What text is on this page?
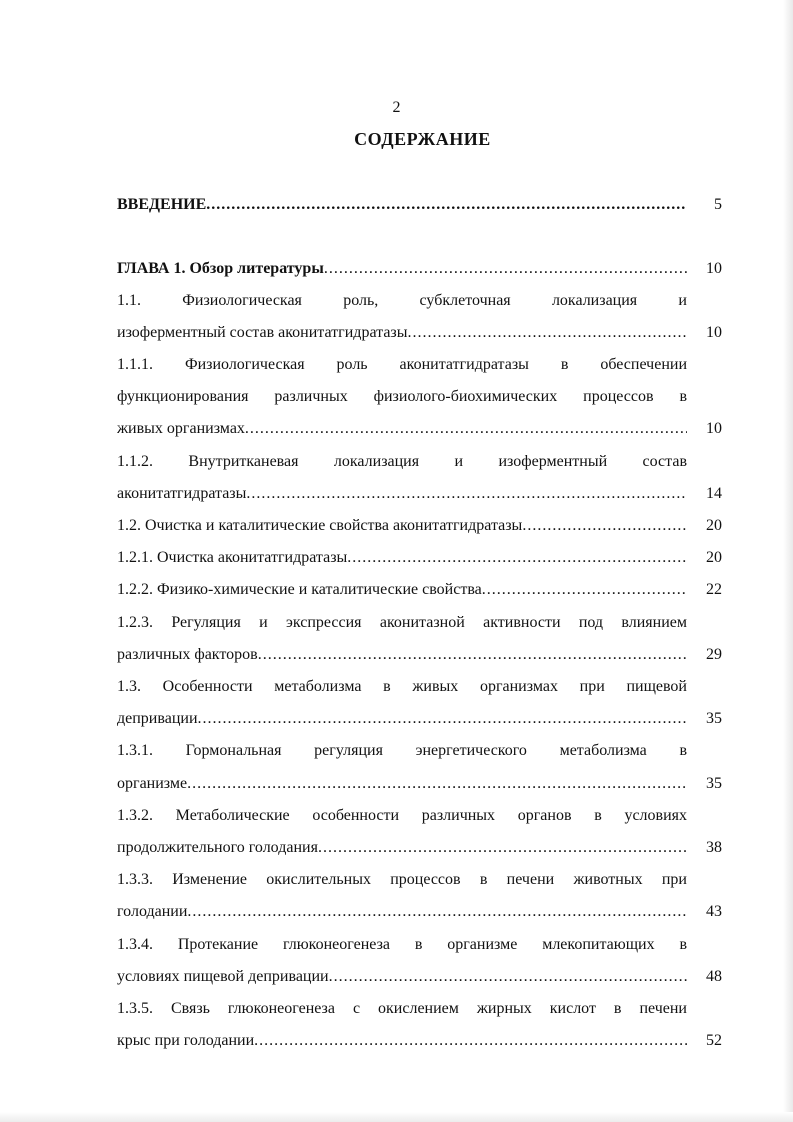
2
СОДЕРЖАНИЕ
ВВЕДЕНИЕ .....	5
ГЛАВА 1. Обзор литературы .....	10
1.1. Физиологическая роль, субклеточная локализация и
изоферментный состав аконитатгидратазы .....	10
1.1.1. Физиологическая роль аконитатгидратазы в обеспечении
функционирования различных физиолого-биохимических процессов в
живых организмах .....	10
1.1.2. Внутритканевая локализация и изоферментный состав
аконитатгидратазы .....	14
1.2. Очистка и каталитические свойства аконитатгидратазы .....	20
1.2.1. Очистка аконитатгидратазы .....	20
1.2.2. Физико-химические и каталитические свойства .....	22
1.2.3. Регуляция и экспрессия аконитазной активности под влиянием
различных факторов .....	29
1.3. Особенности метаболизма в живых организмах при пищевой
депривации .....	35
1.3.1. Гормональная регуляция энергетического метаболизма в
организме .....	35
1.3.2. Метаболические особенности различных органов в условиях
продолжительного голодания .....	38
1.3.3. Изменение окислительных процессов в печени животных при
голодании .....	43
1.3.4. Протекание глюконеогенеза в организме млекопитающих в
условиях пищевой депривации .....	48
1.3.5. Связь глюконеогенеза с окислением жирных кислот в печени
крыс при голодании .....	52
